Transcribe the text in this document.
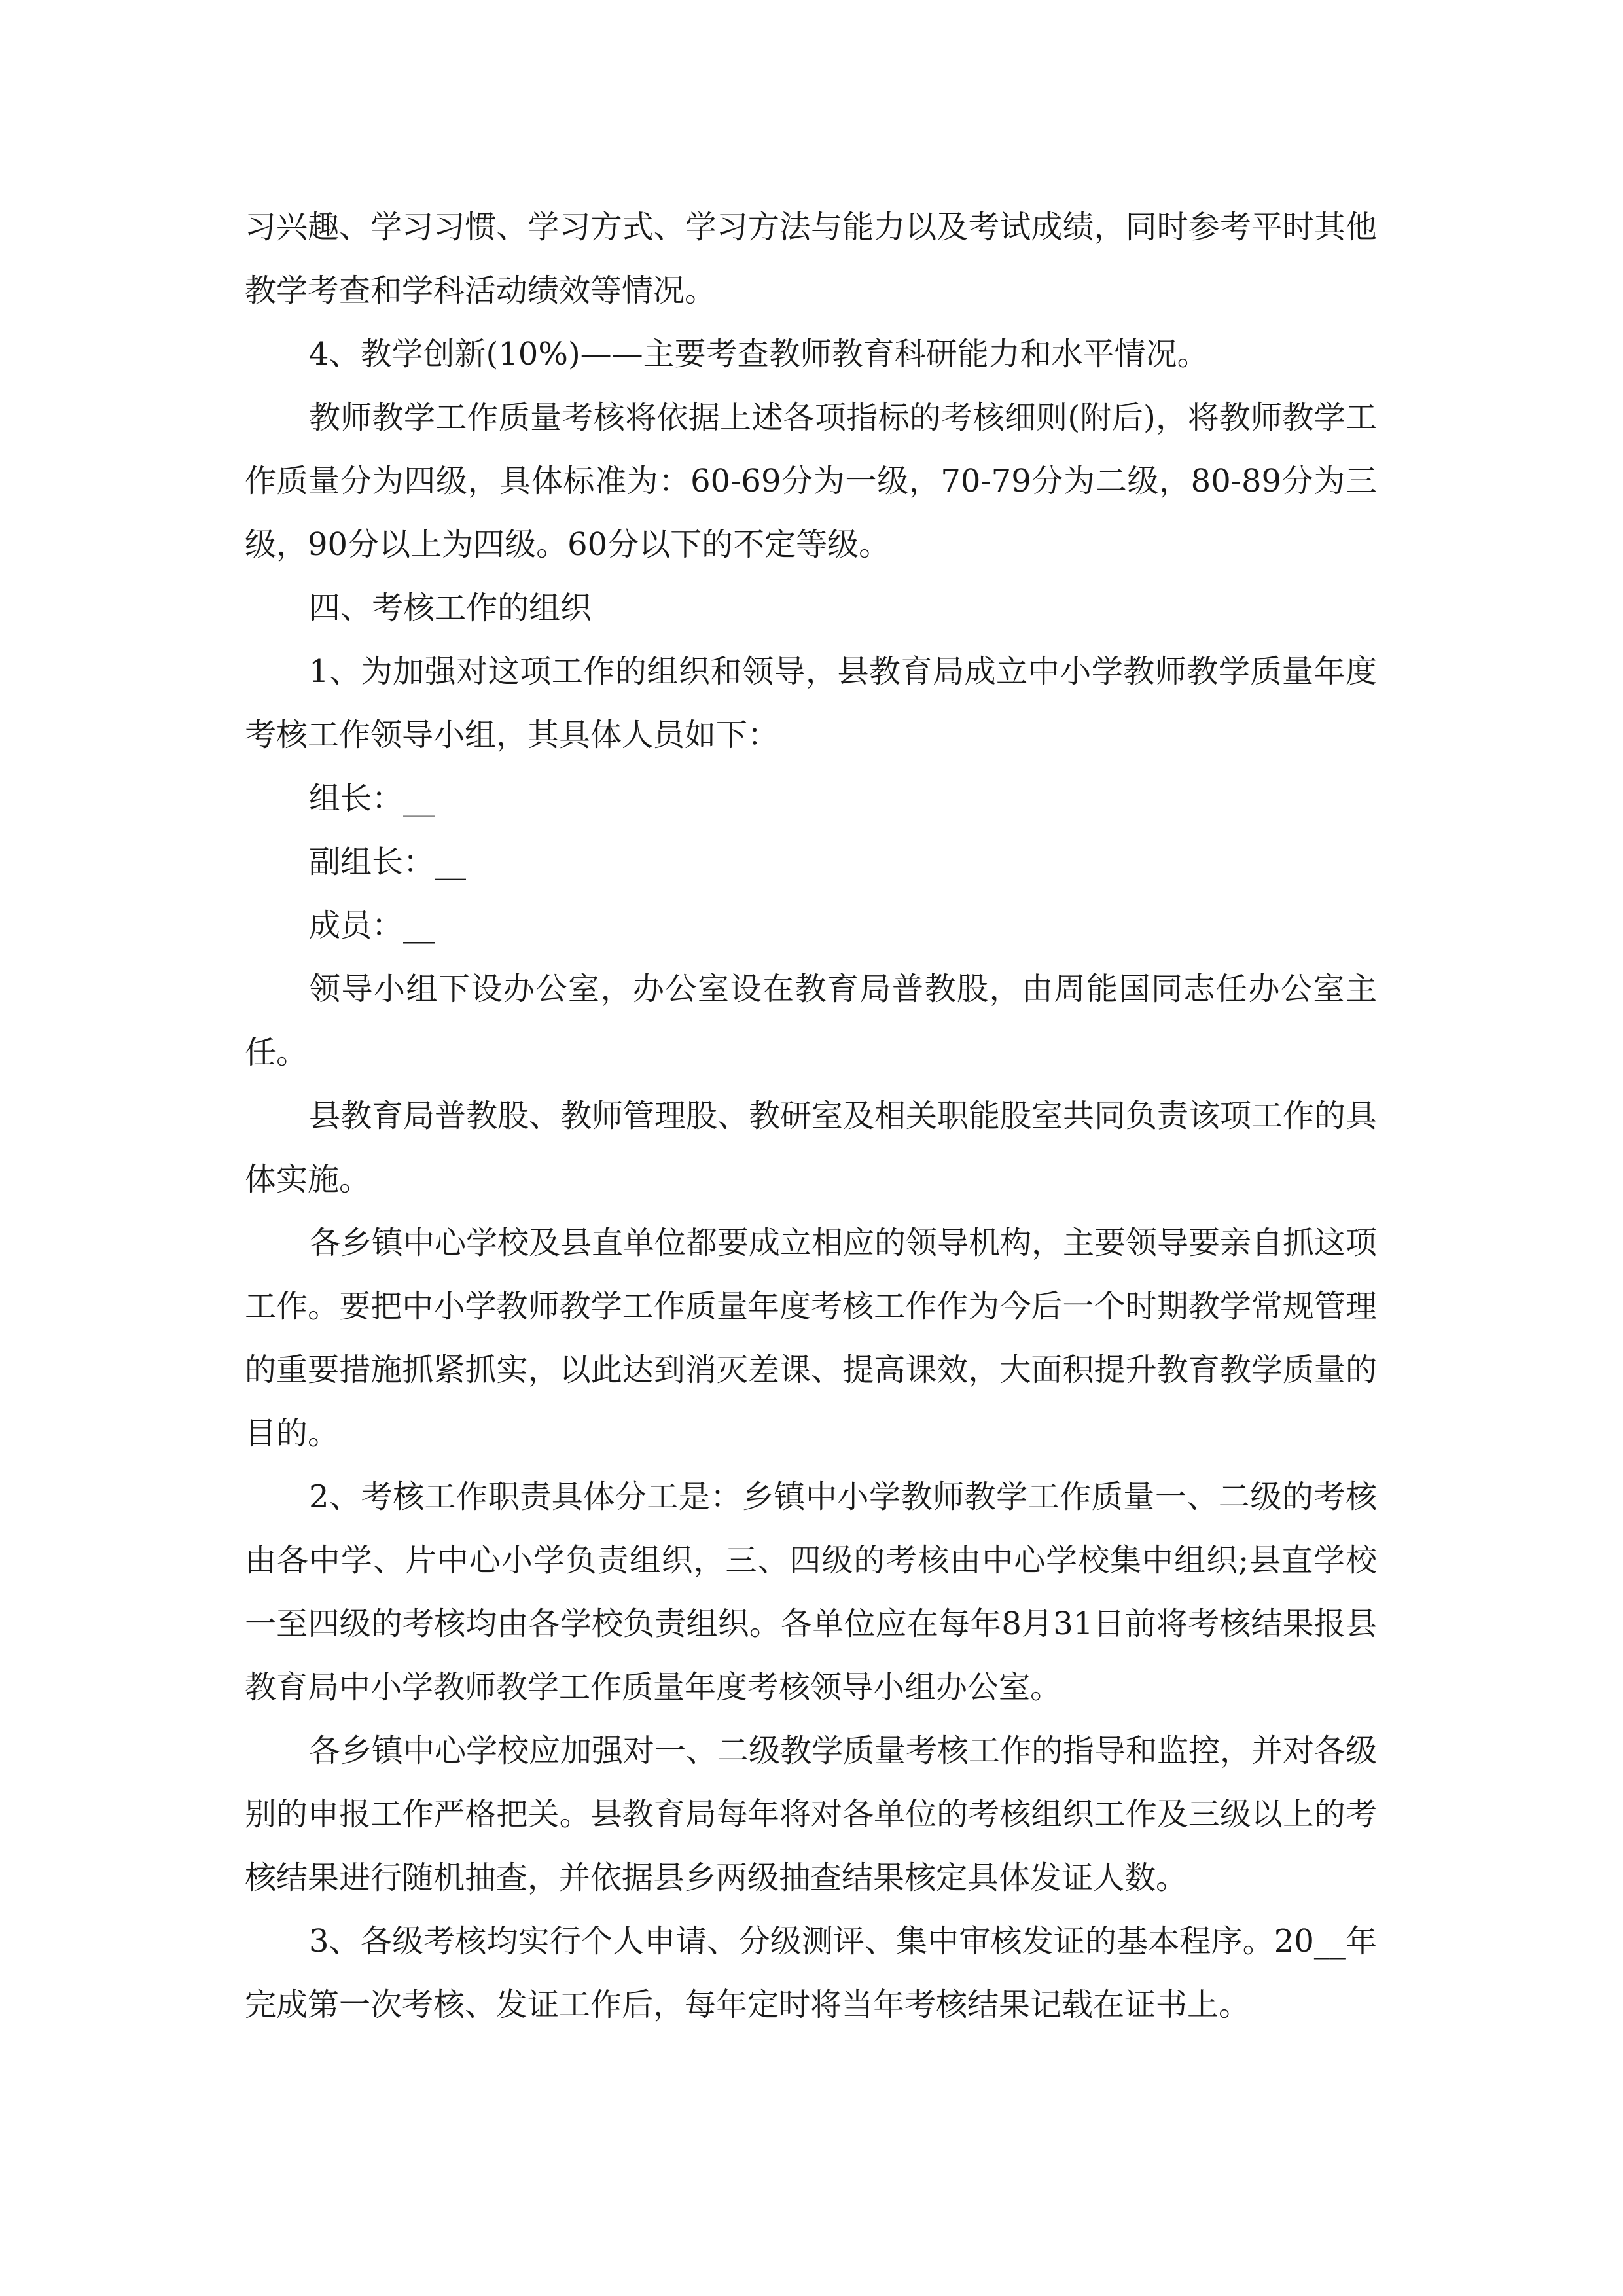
习兴趣、学习习惯、学习方式、学习方法与能力以及考试成绩，同时参考平时其他教学考查和学科活动绩效等情况。

4、教学创新(10%)——主要考查教师教育科研能力和水平情况。

教师教学工作质量考核将依据上述各项指标的考核细则(附后)，将教师教学工作质量分为四级，具体标准为：60-69分为一级，70-79分为二级，80-89分为三级，90分以上为四级。60分以下的不定等级。

四、考核工作的组织

1、为加强对这项工作的组织和领导，县教育局成立中小学教师教学质量年度考核工作领导小组，其具体人员如下：

组长：__

副组长：__

成员：__

领导小组下设办公室，办公室设在教育局普教股，由周能国同志任办公室主任。

县教育局普教股、教师管理股、教研室及相关职能股室共同负责该项工作的具体实施。

各乡镇中心学校及县直单位都要成立相应的领导机构，主要领导要亲自抓这项工作。要把中小学教师教学工作质量年度考核工作作为今后一个时期教学常规管理的重要措施抓紧抓实，以此达到消灭差课、提高课效，大面积提升教育教学质量的目的。

2、考核工作职责具体分工是：乡镇中小学教师教学工作质量一、二级的考核由各中学、片中心小学负责组织，三、四级的考核由中心学校集中组织;县直学校一至四级的考核均由各学校负责组织。各单位应在每年8月31日前将考核结果报县教育局中小学教师教学工作质量年度考核领导小组办公室。

各乡镇中心学校应加强对一、二级教学质量考核工作的指导和监控，并对各级别的申报工作严格把关。县教育局每年将对各单位的考核组织工作及三级以上的考核结果进行随机抽查，并依据县乡两级抽查结果核定具体发证人数。

3、各级考核均实行个人申请、分级测评、集中审核发证的基本程序。20__年完成第一次考核、发证工作后，每年定时将当年考核结果记载在证书上。
